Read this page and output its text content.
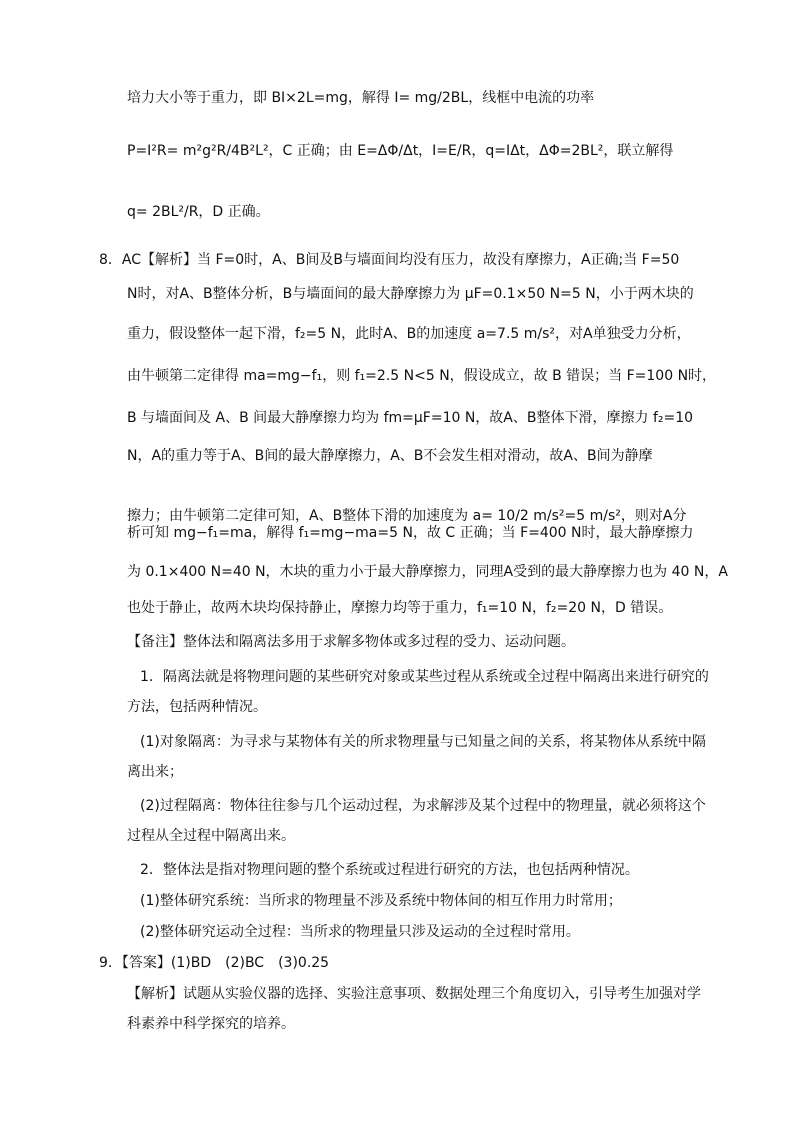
培力大小等于重力，即 BI×2L=mg，解得 I= mg/2BL，线框中电流的功率
P=I²R= m²g²R/4B²L²，C 正确；由 E=ΔΦ/Δt，I=E/R，q=IΔt，ΔΦ=2BL²，联立解得
q= 2BL²/R，D 正确。
8．AC【解析】当 F=0时，A、B间及B与墙面间均没有压力，故没有摩擦力，A正确;当 F=50
N时，对A、B整体分析，B与墙面间的最大静摩擦力为 μF=0.1×50 N=5 N，小于两木块的
重力，假设整体一起下滑，f₂=5 N，此时A、B的加速度 a=7.5 m/s²，对A单独受力分析，
由牛顿第二定律得 ma=mg−f₁，则 f₁=2.5 N<5 N，假设成立，故 B 错误；当 F=100 N时，
B 与墙面间及 A、B 间最大静摩擦力均为 fm=μF=10 N，故A、B整体下滑，摩擦力 f₂=10
N，A的重力等于A、B间的最大静摩擦力，A、B不会发生相对滑动，故A、B间为静摩
擦力；由牛顿第二定律可知，A、B整体下滑的加速度为 a= 10/2 m/s²=5 m/s²，则对A分
析可知 mg−f₁=ma，解得 f₁=mg−ma=5 N，故 C 正确；当 F=400 N时，最大静摩擦力
为 0.1×400 N=40 N，木块的重力小于最大静摩擦力，同理A受到的最大静摩擦力也为 40 N，A
也处于静止，故两木块均保持静止，摩擦力均等于重力，f₁=10 N，f₂=20 N，D 错误。
【备注】整体法和隔离法多用于求解多物体或多过程的受力、运动问题。
1．隔离法就是将物理问题的某些研究对象或某些过程从系统或全过程中隔离出来进行研究的
方法，包括两种情况。
(1)对象隔离：为寻求与某物体有关的所求物理量与已知量之间的关系，将某物体从系统中隔
离出来；
(2)过程隔离：物体往往参与几个运动过程，为求解涉及某个过程中的物理量，就必须将这个
过程从全过程中隔离出来。
2．整体法是指对物理问题的整个系统或过程进行研究的方法，也包括两种情况。
(1)整体研究系统：当所求的物理量不涉及系统中物体间的相互作用力时常用；
(2)整体研究运动全过程：当所求的物理量只涉及运动的全过程时常用。
9．【答案】(1)BD　(2)BC　(3)0.25
【解析】试题从实验仪器的选择、实验注意事项、数据处理三个角度切入，引导考生加强对学
科素养中科学探究的培养。
